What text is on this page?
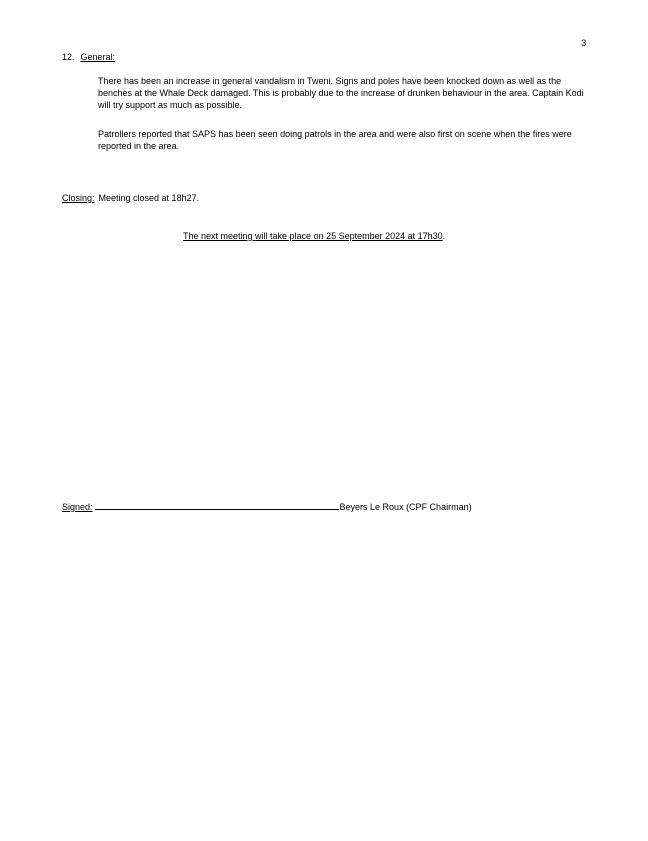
3
12. General:
There has been an increase in general vandalism in Tweni. Signs and poles have been knocked down as well as the benches at the Whale Deck damaged. This is probably due to the increase of drunken behaviour in the area. Captain Kodi will try support as much as possible.
Patrollers reported that SAPS has been seen doing patrols in the area and were also first on scene when the fires were reported in the area.
Closing: Meeting closed at 18h27.
The next meeting will take place on 25 September 2024 at 17h30.
Signed:	Beyers Le Roux (CPF Chairman)
